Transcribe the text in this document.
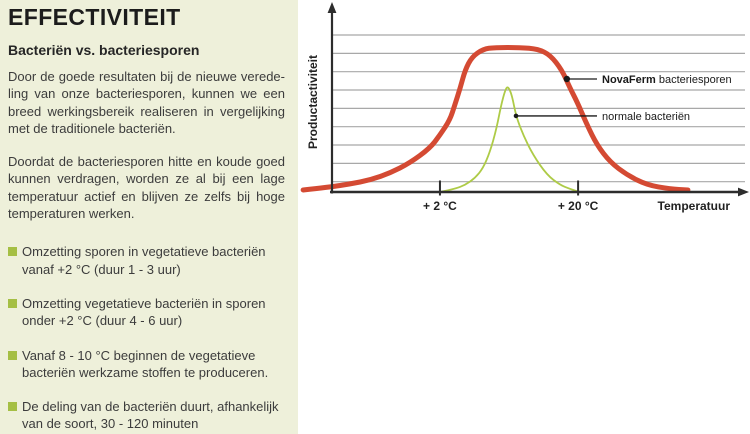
EFFECTIVITEIT
Bacteriën vs. bacteriesporen
Door de goede resultaten bij de nieuwe verede-
ling van onze bacteriesporen, kunnen we een
breed werkingsbereik realiseren in vergelijking
met de traditionele bacteriën.
Doordat de bacteriesporen hitte en koude goed
kunnen verdragen, worden ze al bij een lage
temperatuur actief en blijven ze zelfs bij hoge
temperaturen werken.
Omzetting sporen in vegetatieve bacteriën
vanaf +2 °C (duur 1 - 3 uur)
Omzetting vegetatieve bacteriën in sporen
onder +2 °C (duur 4 - 6 uur)
Vanaf 8 - 10 °C beginnen de vegetatieve
bacteriën werkzame stoffen te produceren.
De deling van de bacteriën duurt, afhankelijk
van de soort, 30 - 120 minuten
Productactiviteit
Temperatuur
+ 2 °C	+ 20 °C
NovaFerm bacteriesporen
normale bacteriën
